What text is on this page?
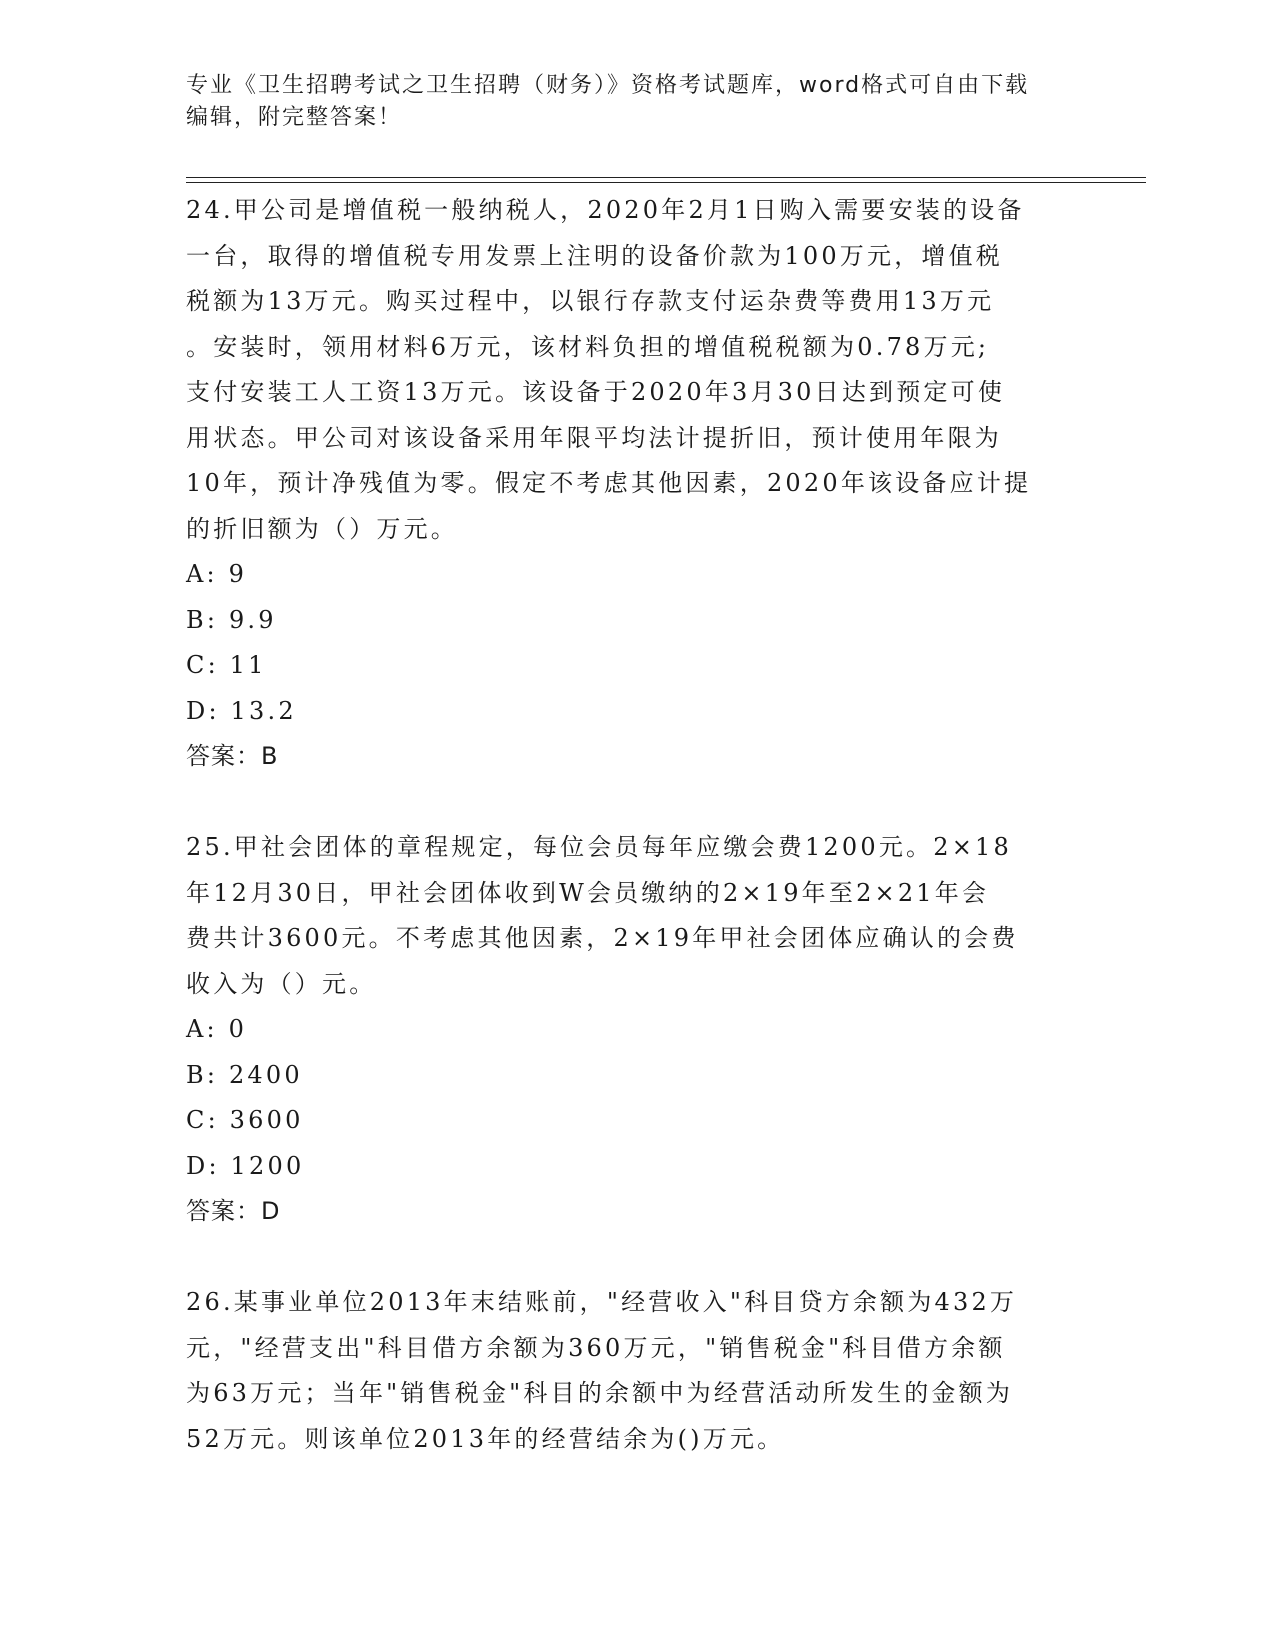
专业《卫生招聘考试之卫生招聘（财务）》资格考试题库，word格式可自由下载

编辑，附完整答案！

24.甲公司是增值税一般纳税人，2020年2月1日购入需要安装的设备
一台，取得的增值税专用发票上注明的设备价款为100万元，增值税
税额为13万元。购买过程中，以银行存款支付运杂费等费用13万元
。安装时，领用材料6万元，该材料负担的增值税税额为0.78万元;
支付安装工人工资13万元。该设备于2020年3月30日达到预定可使
用状态。甲公司对该设备采用年限平均法计提折旧，预计使用年限为
10年，预计净残值为零。假定不考虑其他因素，2020年该设备应计提
的折旧额为（）万元。
A: 9
B: 9.9
C: 11
D: 13.2
答案：B
25.甲社会团体的章程规定，每位会员每年应缴会费1200元。2×18
年12月30日，甲社会团体收到W会员缴纳的2×19年至2×21年会
费共计3600元。不考虑其他因素，2×19年甲社会团体应确认的会费
收入为（）元。
A: 0
B: 2400
C: 3600
D: 1200
答案：D
26.某事业单位2013年末结账前，"经营收入"科目贷方余额为432万
元，"经营支出"科目借方余额为360万元，"销售税金"科目借方余额
为63万元；当年"销售税金"科目的余额中为经营活动所发生的金额为
52万元。则该单位2013年的经营结余为()万元。
